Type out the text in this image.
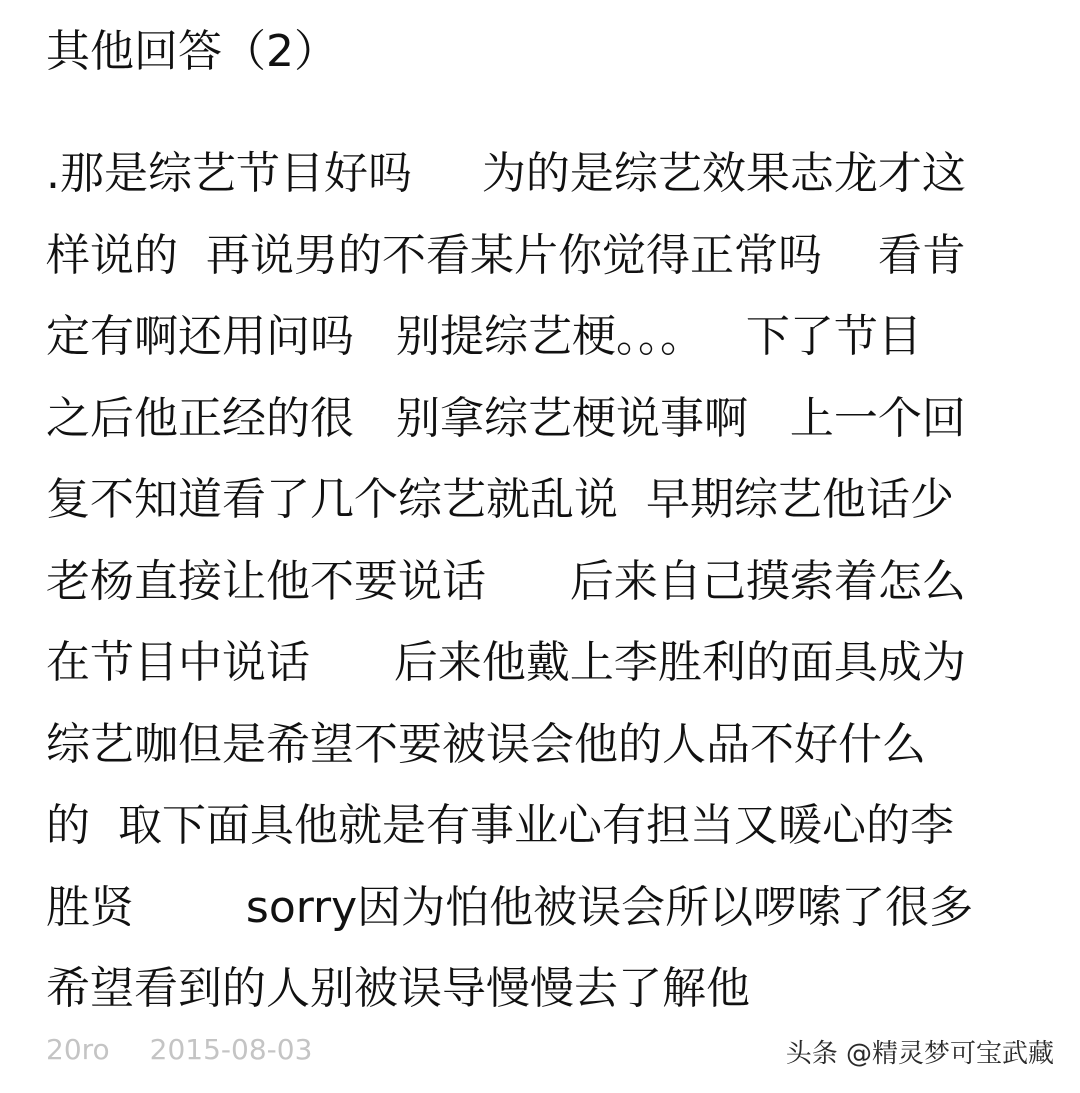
其他回答（2）
.那是综艺节目好吗     为的是综艺效果志龙才这
样说的  再说男的不看某片你觉得正常吗    看肯
定有啊还用问吗   别提综艺梗。。。   下了节目
之后他正经的很   别拿综艺梗说事啊   上一个回
复不知道看了几个综艺就乱说  早期综艺他话少
老杨直接让他不要说话      后来自己摸索着怎么
在节目中说话      后来他戴上李胜利的面具成为
综艺咖但是希望不要被误会他的人品不好什么
的  取下面具他就是有事业心有担当又暖心的李
胜贤        sorry因为怕他被误会所以啰嗦了很多
希望看到的人别被误导慢慢去了解他
20ro 2015-08-03	头条 @精灵梦可宝武藏
